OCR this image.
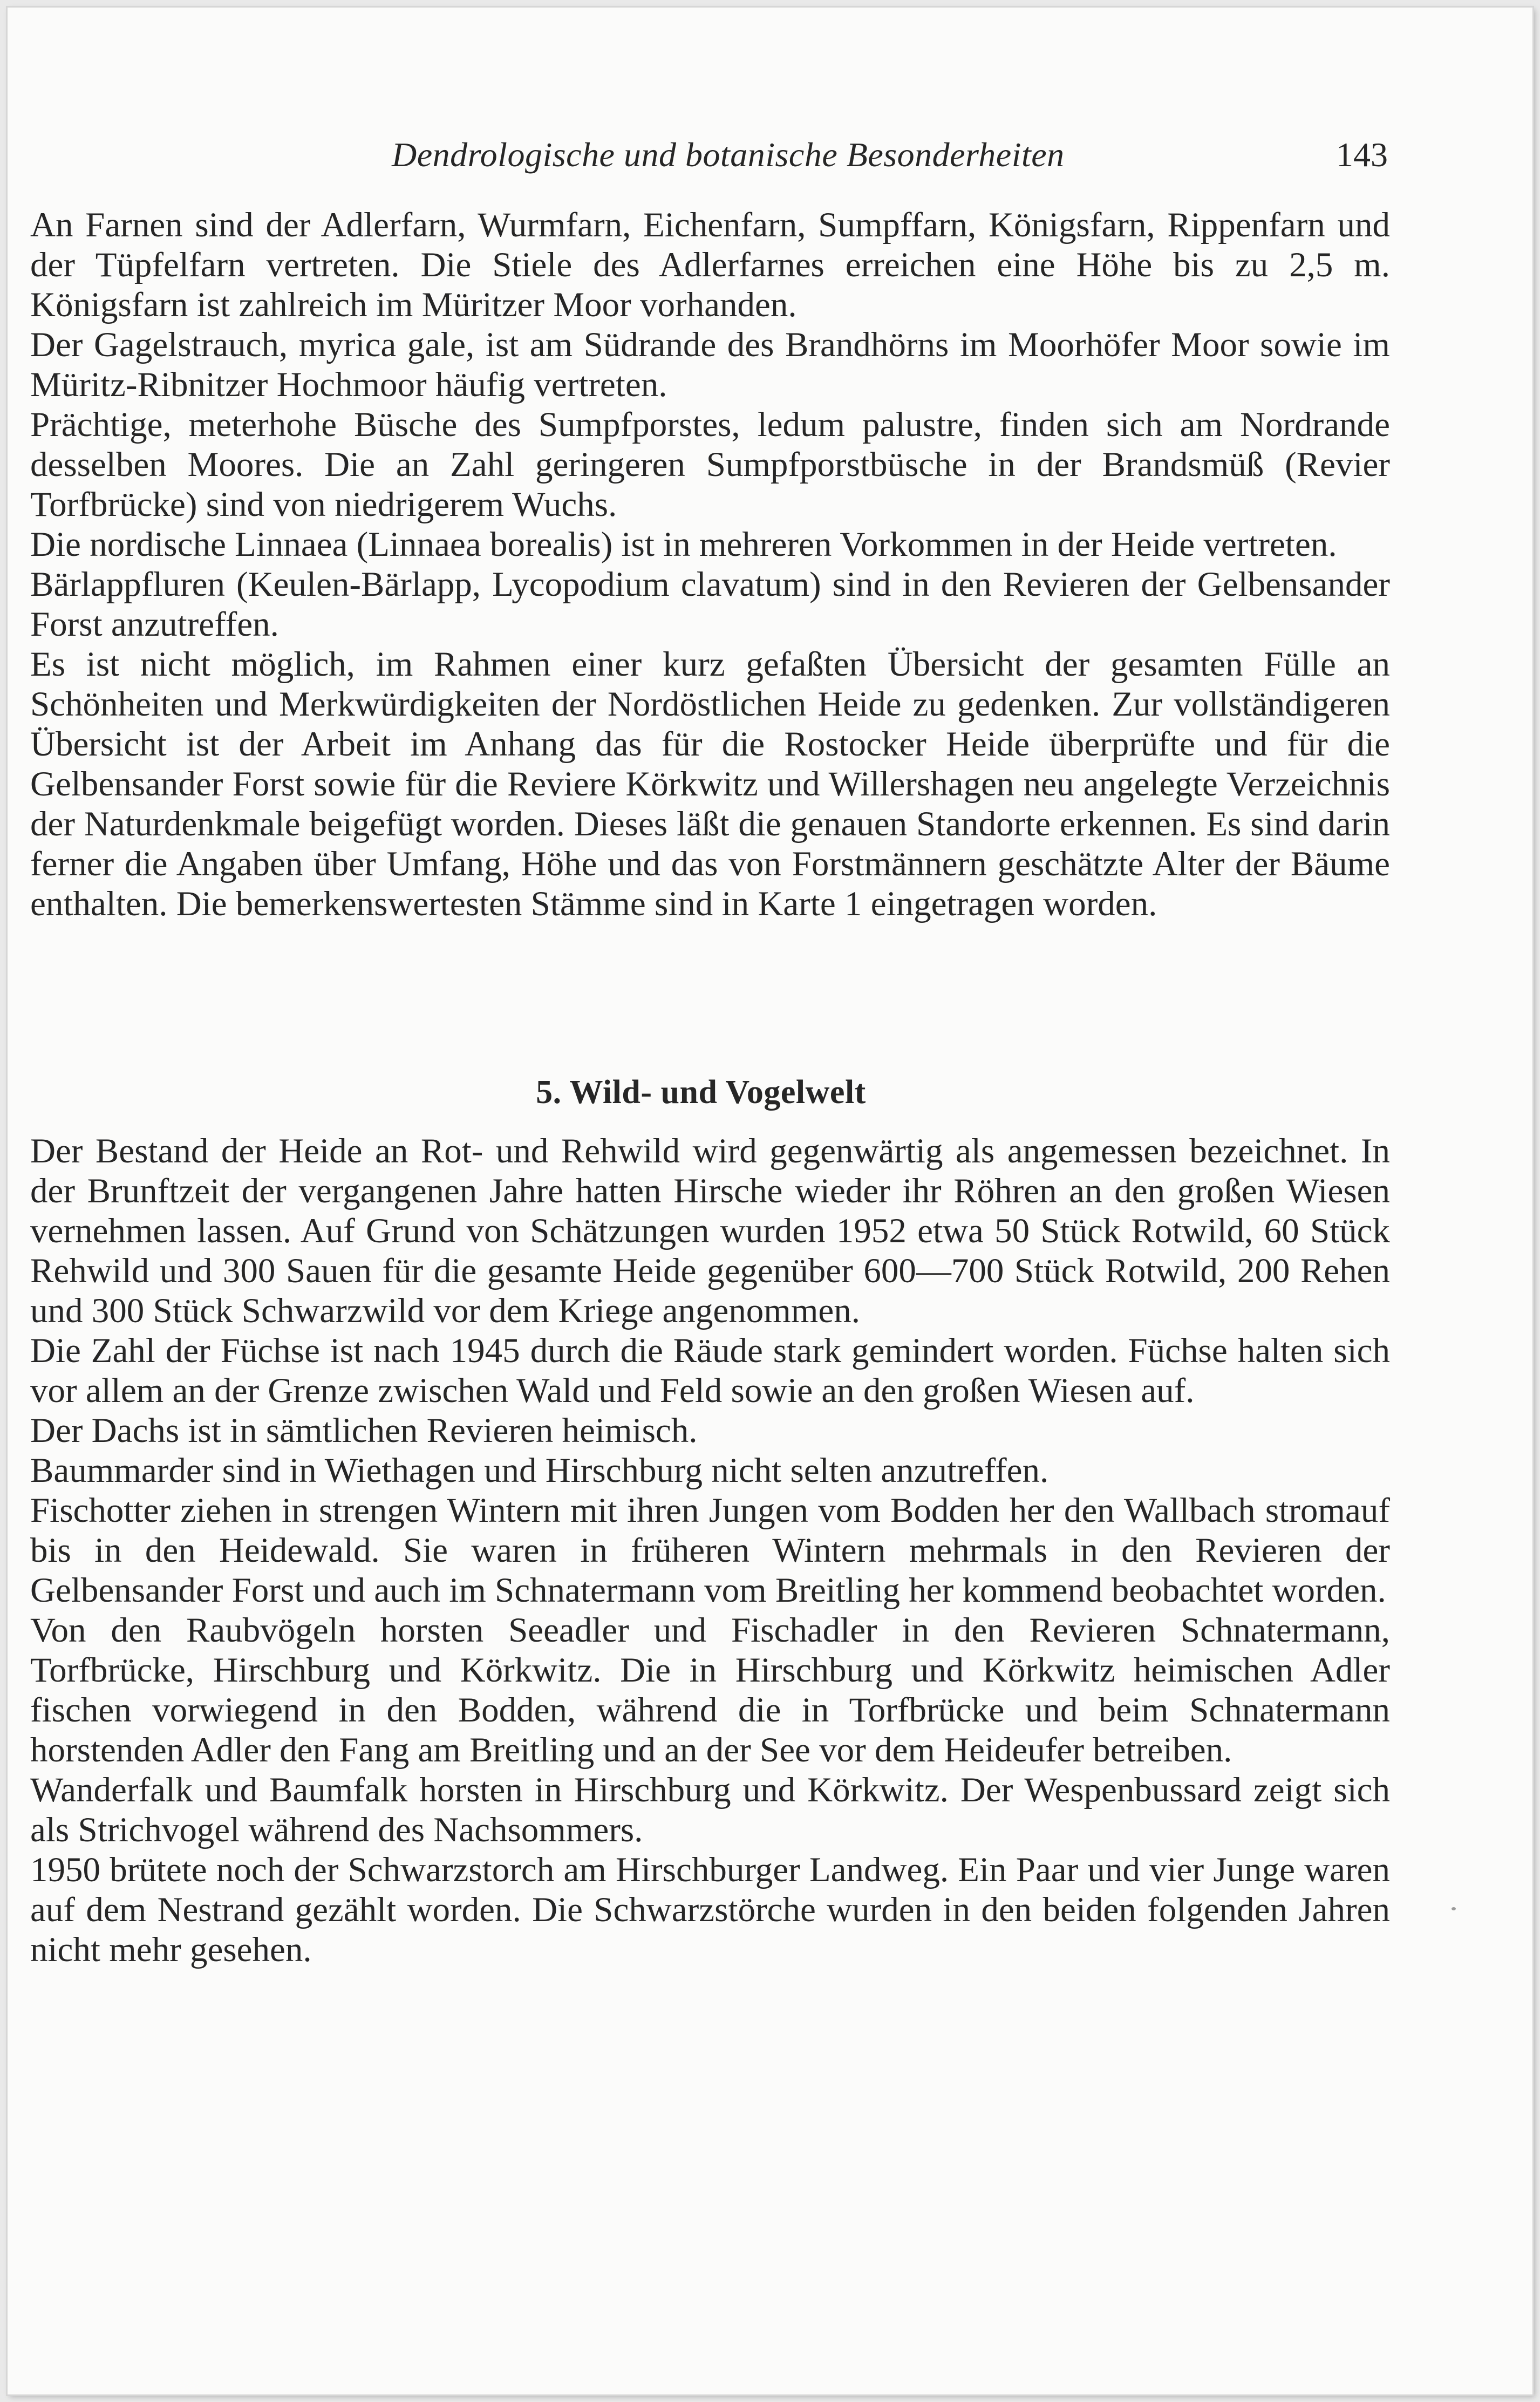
Dendrologische und botanische Besonderheiten	143

An Farnen sind der Adlerfarn, Wurmfarn, Eichenfarn, Sumpffarn, Königsfarn, Rippenfarn und der Tüpfelfarn vertreten. Die Stiele des Adlerfarnes erreichen eine Höhe bis zu 2,5 m. Königsfarn ist zahlreich im Müritzer Moor vorhanden.

Der Gagelstrauch, myrica gale, ist am Südrande des Brandhörns im Moorhöfer Moor sowie im Müritz-Ribnitzer Hochmoor häufig vertreten.

Prächtige, meterhohe Büsche des Sumpfporstes, ledum palustre, finden sich am Nordrande desselben Moores. Die an Zahl geringeren Sumpfporstbüsche in der Brandsmüß (Revier Torfbrücke) sind von niedrigerem Wuchs.

Die nordische Linnaea (Linnaea borealis) ist in mehreren Vorkommen in der Heide vertreten.

Bärlappfluren (Keulen-Bärlapp, Lycopodium clavatum) sind in den Revieren der Gelbensander Forst anzutreffen.

Es ist nicht möglich, im Rahmen einer kurz gefaßten Übersicht der gesamten Fülle an Schönheiten und Merkwürdigkeiten der Nordöstlichen Heide zu gedenken. Zur vollständigeren Übersicht ist der Arbeit im Anhang das für die Rostocker Heide überprüfte und für die Gelbensander Forst sowie für die Reviere Körkwitz und Willershagen neu angelegte Verzeichnis der Naturdenkmale beigefügt worden. Dieses läßt die genauen Standorte erkennen. Es sind darin ferner die Angaben über Umfang, Höhe und das von Forstmännern geschätzte Alter der Bäume enthalten. Die bemerkenswertesten Stämme sind in Karte 1 eingetragen worden.

5. Wild- und Vogelwelt

Der Bestand der Heide an Rot- und Rehwild wird gegenwärtig als angemessen bezeichnet. In der Brunftzeit der vergangenen Jahre hatten Hirsche wieder ihr Röhren an den großen Wiesen vernehmen lassen. Auf Grund von Schätzungen wurden 1952 etwa 50 Stück Rotwild, 60 Stück Rehwild und 300 Sauen für die gesamte Heide gegenüber 600—700 Stück Rotwild, 200 Rehen und 300 Stück Schwarzwild vor dem Kriege angenommen.

Die Zahl der Füchse ist nach 1945 durch die Räude stark gemindert worden. Füchse halten sich vor allem an der Grenze zwischen Wald und Feld sowie an den großen Wiesen auf.

Der Dachs ist in sämtlichen Revieren heimisch.

Baummarder sind in Wiethagen und Hirschburg nicht selten anzutreffen.

Fischotter ziehen in strengen Wintern mit ihren Jungen vom Bodden her den Wallbach stromauf bis in den Heidewald. Sie waren in früheren Wintern mehrmals in den Revieren der Gelbensander Forst und auch im Schnatermann vom Breitling her kommend beobachtet worden.

Von den Raubvögeln horsten Seeadler und Fischadler in den Revieren Schnatermann, Torfbrücke, Hirschburg und Körkwitz. Die in Hirschburg und Körkwitz heimischen Adler fischen vorwiegend in den Bodden, während die in Torfbrücke und beim Schnatermann horstenden Adler den Fang am Breitling und an der See vor dem Heideufer betreiben.

Wanderfalk und Baumfalk horsten in Hirschburg und Körkwitz. Der Wespenbussard zeigt sich als Strichvogel während des Nachsommers.

1950 brütete noch der Schwarzstorch am Hirschburger Landweg. Ein Paar und vier Junge waren auf dem Nestrand gezählt worden. Die Schwarzstörche wurden in den beiden folgenden Jahren nicht mehr gesehen.
